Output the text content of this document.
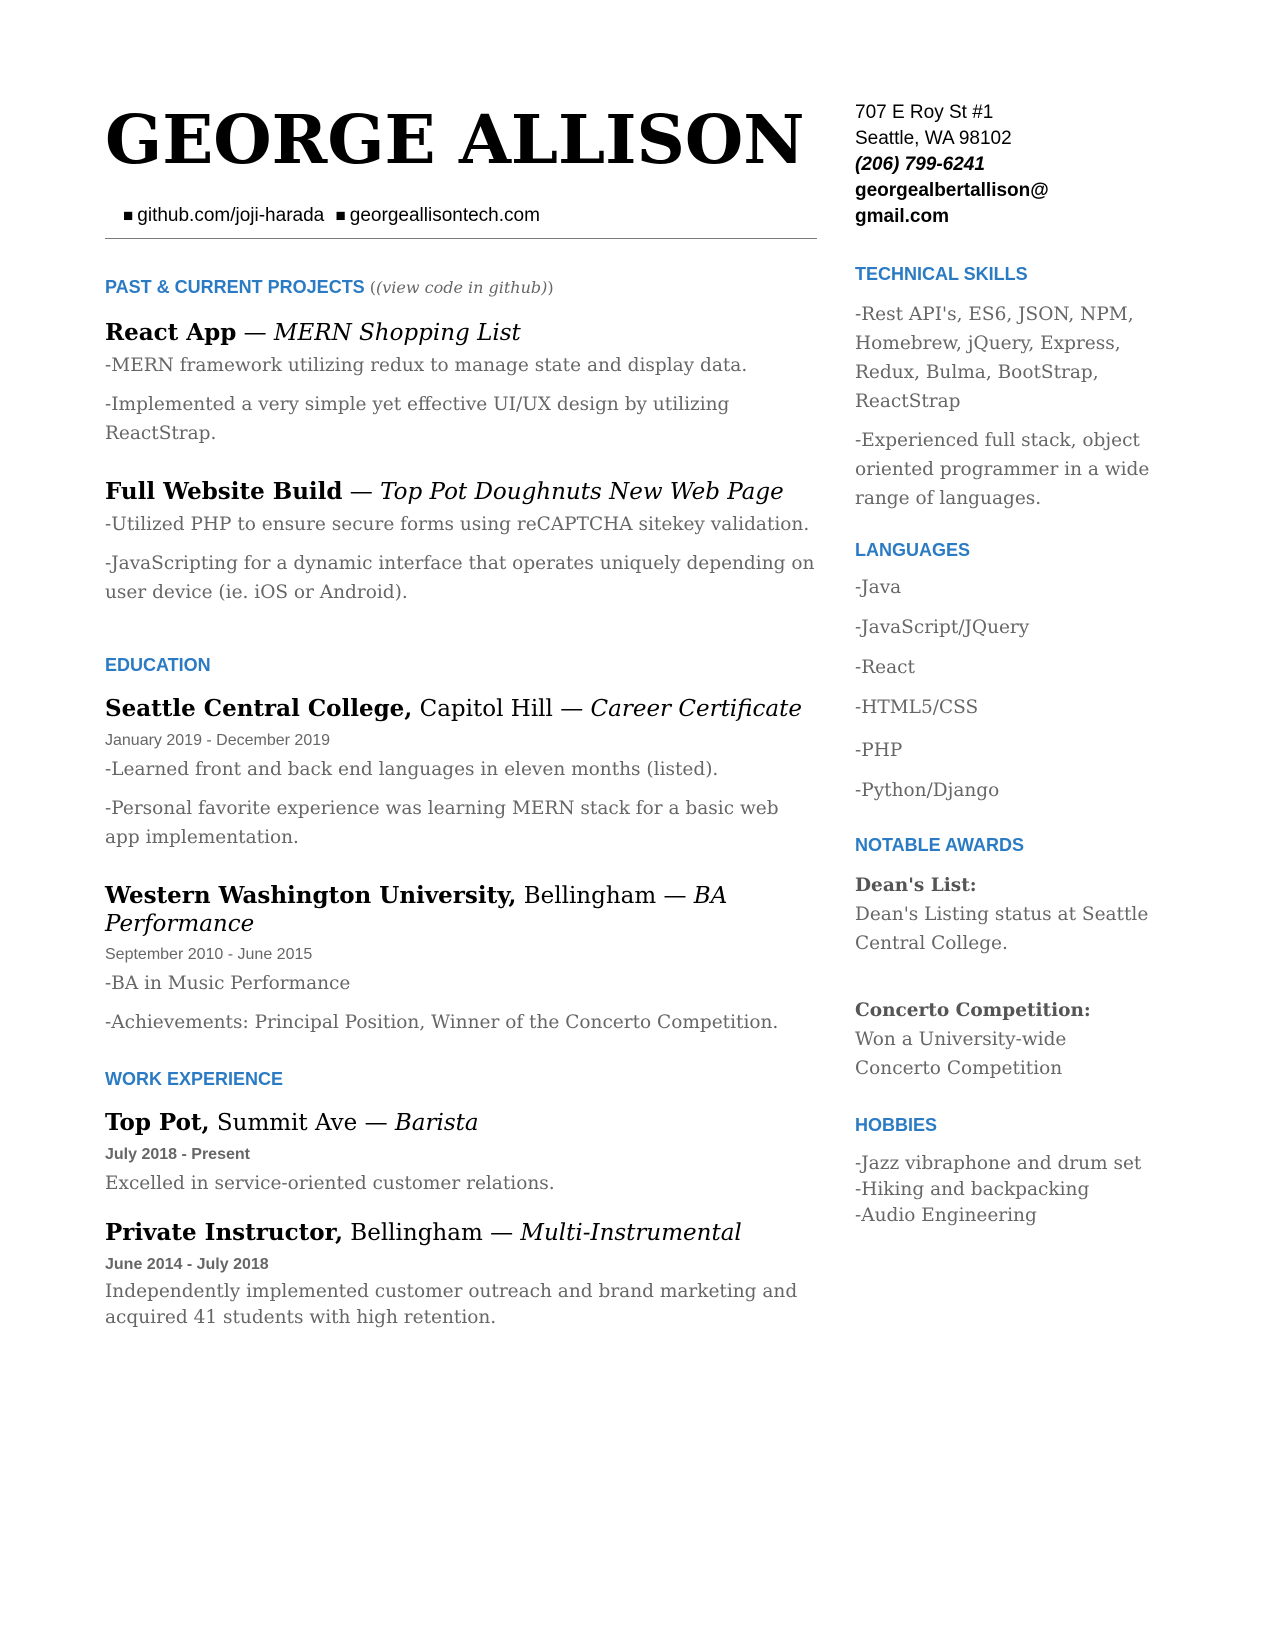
GEORGE ALLISON
■ github.com/joji-harada ■ georgeallisontech.com
PAST & CURRENT PROJECTS ((view code in github))
React App — MERN Shopping List
-MERN framework utilizing redux to manage state and display data.
-Implemented a very simple yet effective UI/UX design by utilizing ReactStrap.
Full Website Build — Top Pot Doughnuts New Web Page
-Utilized PHP to ensure secure forms using reCAPTCHA sitekey validation.
-JavaScripting for a dynamic interface that operates uniquely depending on user device (ie. iOS or Android).
EDUCATION
Seattle Central College, Capitol Hill — Career Certificate
January 2019 - December 2019
-Learned front and back end languages in eleven months (listed).
-Personal favorite experience was learning MERN stack for a basic web app implementation.
Western Washington University, Bellingham — BA Performance
September 2010 - June 2015
-BA in Music Performance
-Achievements: Principal Position, Winner of the Concerto Competition.
WORK EXPERIENCE
Top Pot, Summit Ave — Barista
July 2018 - Present
Excelled in service-oriented customer relations.
Private Instructor, Bellingham — Multi-Instrumental
June 2014 - July 2018
Independently implemented customer outreach and brand marketing and acquired 41 students with high retention.
707 E Roy St #1
Seattle, WA 98102
(206) 799-6241
georgealbertallison@
gmail.com
TECHNICAL SKILLS
-Rest API's, ES6, JSON, NPM, Homebrew, jQuery, Express, Redux, Bulma, BootStrap, ReactStrap
-Experienced full stack, object oriented programmer in a wide range of languages.
LANGUAGES
-Java
-JavaScript/JQuery
-React
-HTML5/CSS
-PHP
-Python/Django
NOTABLE AWARDS
Dean's List:
Dean's Listing status at Seattle Central College.
Concerto Competition:
Won a University-wide Concerto Competition
HOBBIES
-Jazz vibraphone and drum set
-Hiking and backpacking
-Audio Engineering
